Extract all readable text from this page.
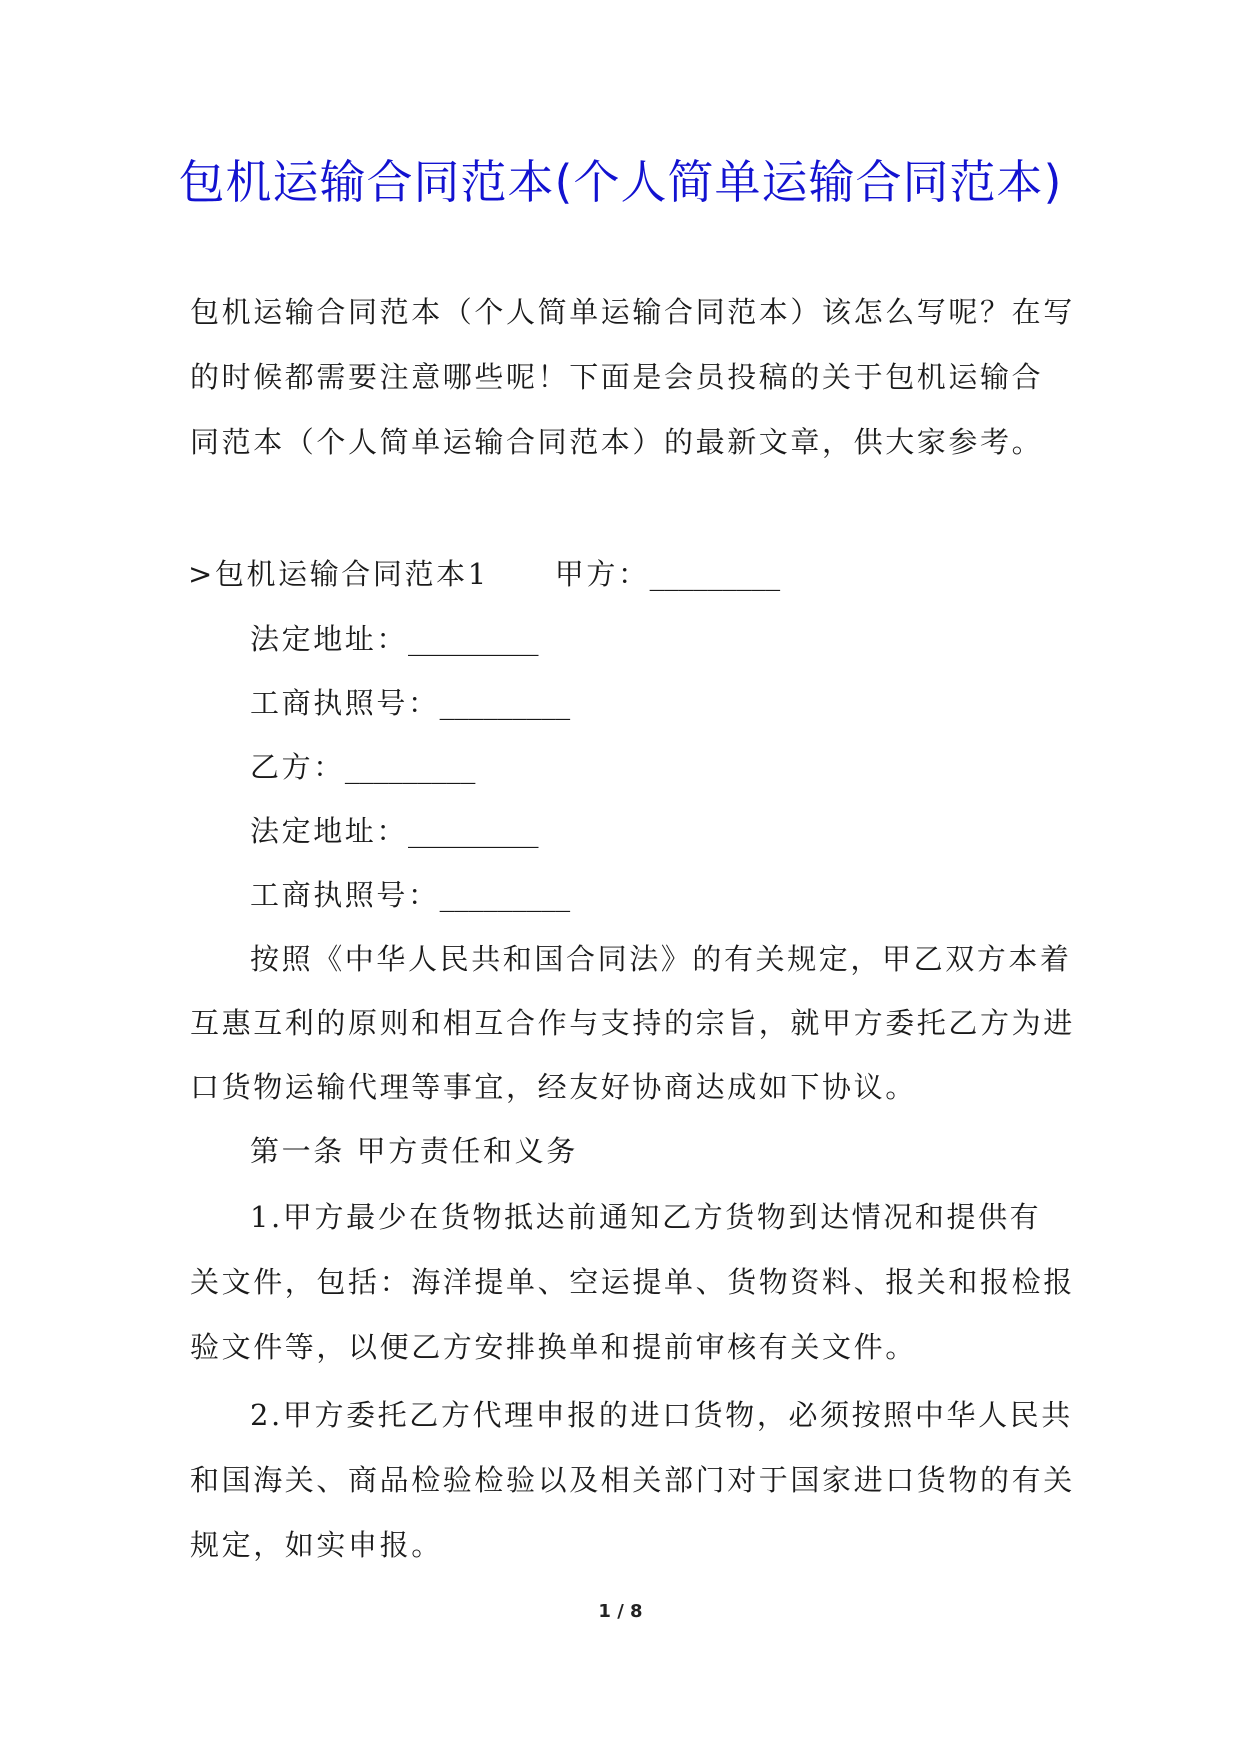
包机运输合同范本(个人简单运输合同范本)
包机运输合同范本（个人简单运输合同范本）该怎么写呢？在写
的时候都需要注意哪些呢！下面是会员投稿的关于包机运输合
同范本（个人简单运输合同范本）的最新文章，供大家参考。
>包机运输合同范本1 甲方：_________
法定地址：_________
工商执照号：_________
乙方：_________
法定地址：_________
工商执照号：_________
按照《中华人民共和国合同法》的有关规定，甲乙双方本着
互惠互利的原则和相互合作与支持的宗旨，就甲方委托乙方为进
口货物运输代理等事宜，经友好协商达成如下协议。
第一条 甲方责任和义务
1.甲方最少在货物抵达前通知乙方货物到达情况和提供有
关文件，包括：海洋提单、空运提单、货物资料、报关和报检报
验文件等，以便乙方安排换单和提前审核有关文件。
2.甲方委托乙方代理申报的进口货物，必须按照中华人民共
和国海关、商品检验检验以及相关部门对于国家进口货物的有关
规定，如实申报。
1 / 8
